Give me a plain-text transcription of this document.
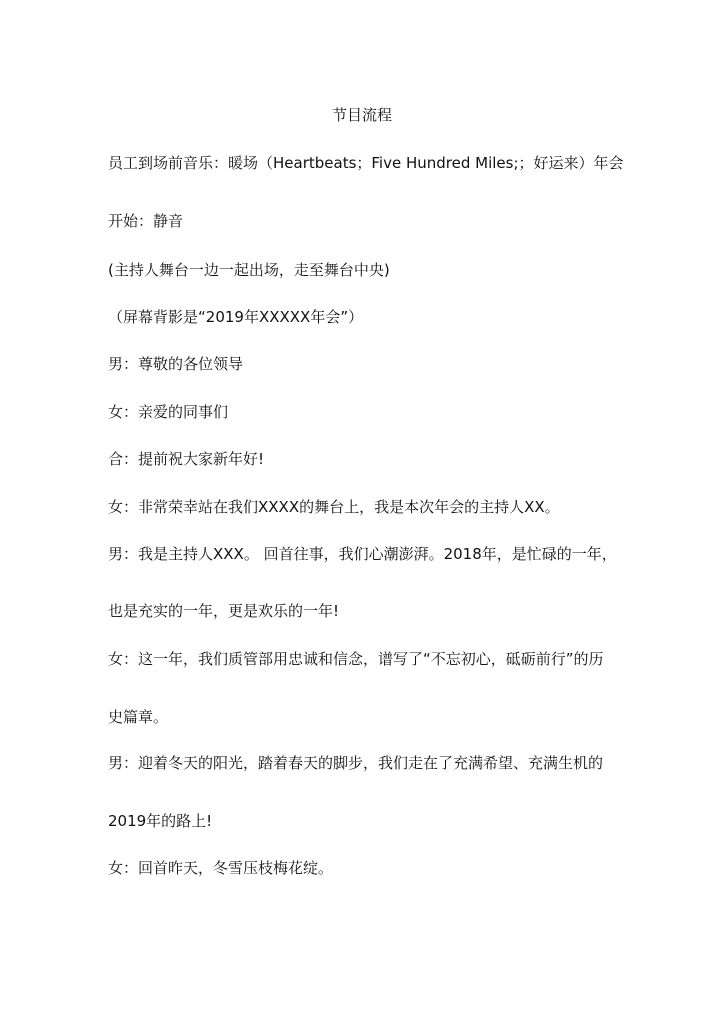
节目流程
员工到场前音乐：暖场（Heartbeats；Five Hundred Miles;；好运来）年会
开始：静音
(主持人舞台一边一起出场，走至舞台中央)
（屏幕背影是“2019年XXXXX年会”）
男：尊敬的各位领导
女：亲爱的同事们
合：提前祝大家新年好!
女：非常荣幸站在我们XXXX的舞台上，我是本次年会的主持人XX。
男：我是主持人XXX。 回首往事，我们心潮澎湃。2018年，是忙碌的一年，
也是充实的一年，更是欢乐的一年!
女：这一年，我们质管部用忠诚和信念，谱写了“不忘初心，砥砺前行”的历
史篇章。
男：迎着冬天的阳光，踏着春天的脚步，我们走在了充满希望、充满生机的
2019年的路上!
女：回首昨天，冬雪压枝梅花绽。
